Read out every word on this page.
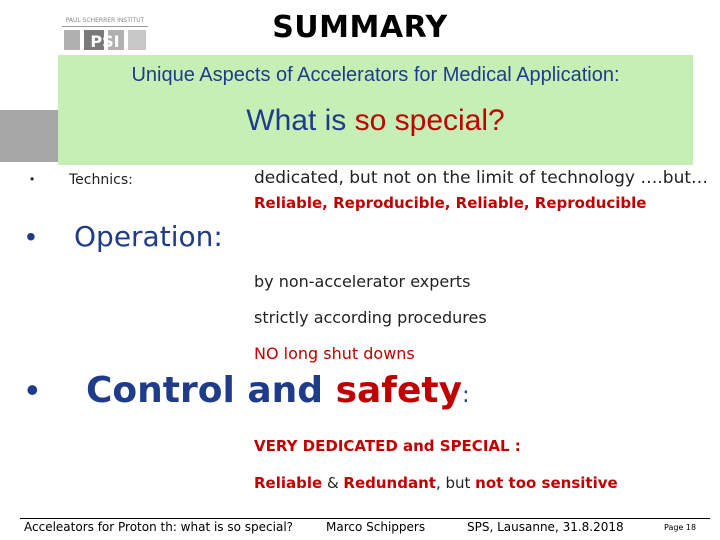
PAUL SCHERRER INSTITUT
PSI	SUMMARY
Unique Aspects of Accelerators for Medical Application:
What is so special?
• Technics:	dedicated, but not on the limit of technology ….but…
Reliable, Reproducible, Reliable, Reproducible
• Operation:
by non-accelerator experts
strictly according procedures
NO long shut downs
• Control and safety:
VERY DEDICATED and SPECIAL :
Reliable & Redundant, but not too sensitive
Acceleators for Proton th: what is so special?	Marco Schippers	SPS, Lausanne, 31.8.2018	Page 18
